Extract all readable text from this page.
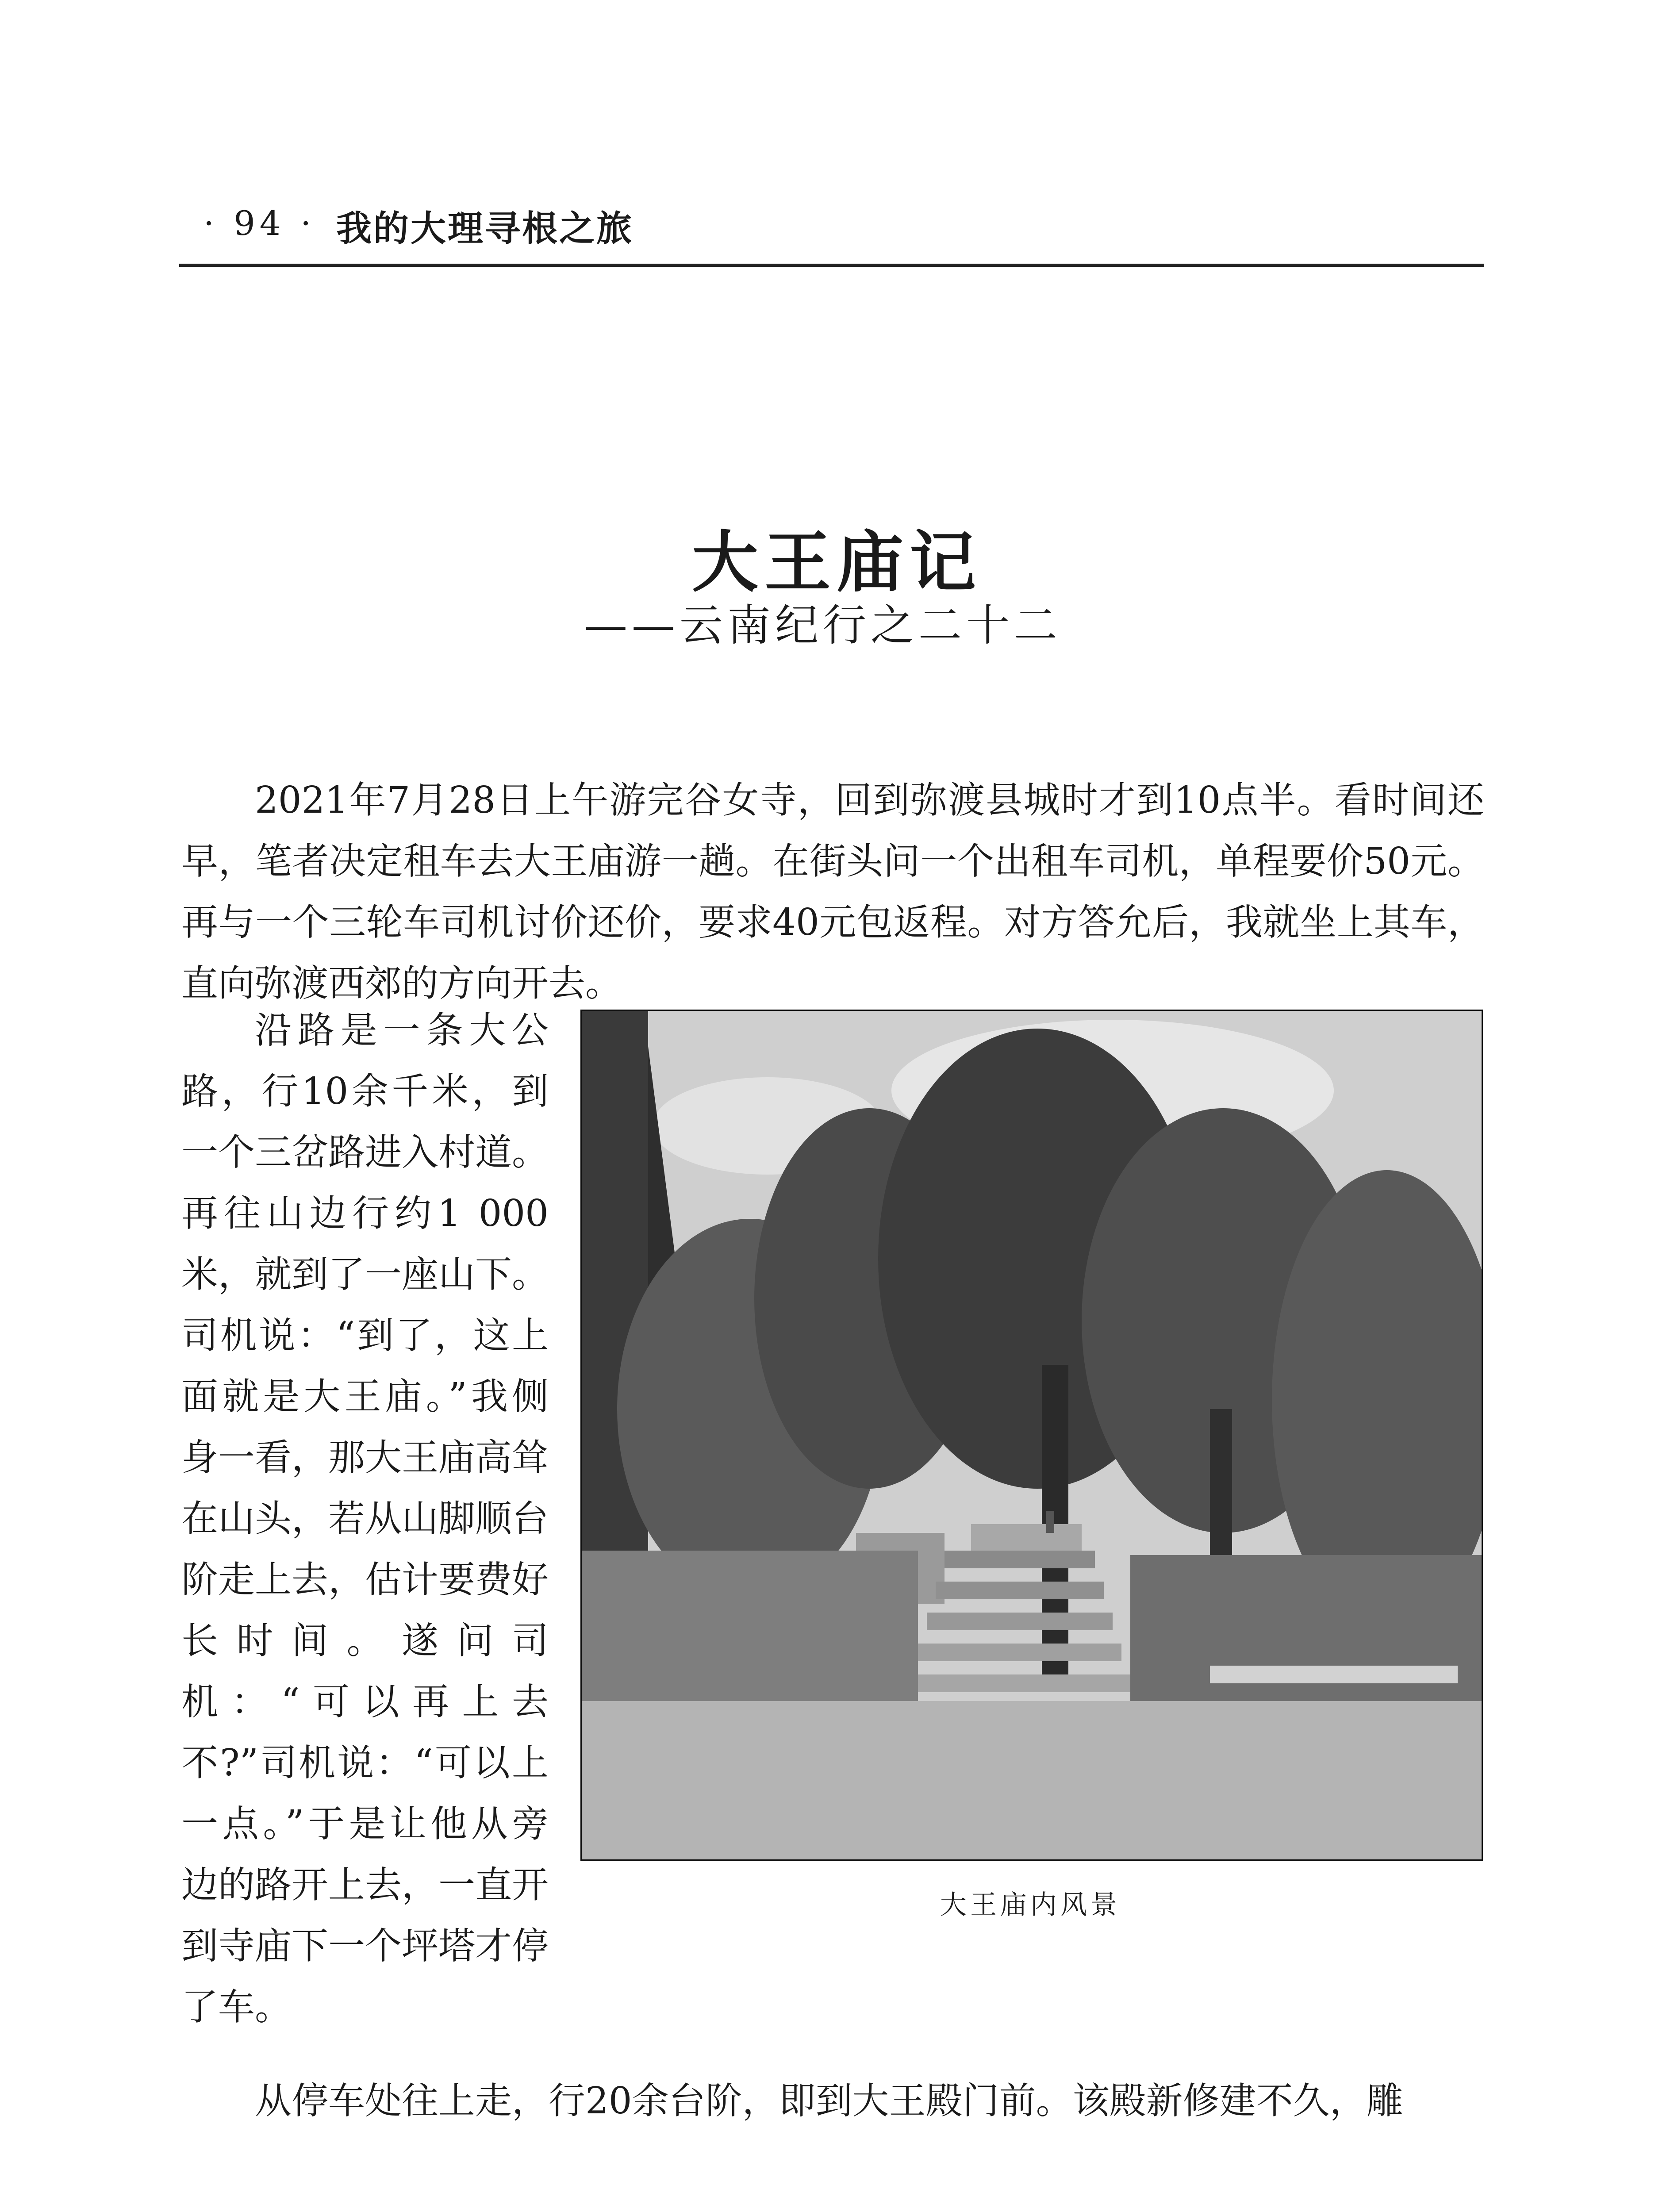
· 94 · 我的大理寻根之旅
大王庙记
——云南纪行之二十二

2021年7月28日上午游完谷女寺，回到弥渡县城时才到10点半。看时间还早，笔者决定租车去大王庙游一趟。在街头问一个出租车司机，单程要价50元。再与一个三轮车司机讨价还价，要求40元包返程。对方答允后，我就坐上其车，直向弥渡西郊的方向开去。

沿路是一条大公路，行10余千米，到一个三岔路进入村道。再往山边行约1 000米，就到了一座山下。司机说：“到了，这上面就是大王庙。”我侧身一看，那大王庙高耸在山头，若从山脚顺台阶走上去，估计要费好长时间。遂问司机：“可以再上去不?”司机说：“可以上一点。”于是让他从旁边的路开上去，一直开到寺庙下一个坪塔才停了车。

大王庙内风景

从停车处往上走，行20余台阶，即到大王殿门前。该殿新修建不久，雕
